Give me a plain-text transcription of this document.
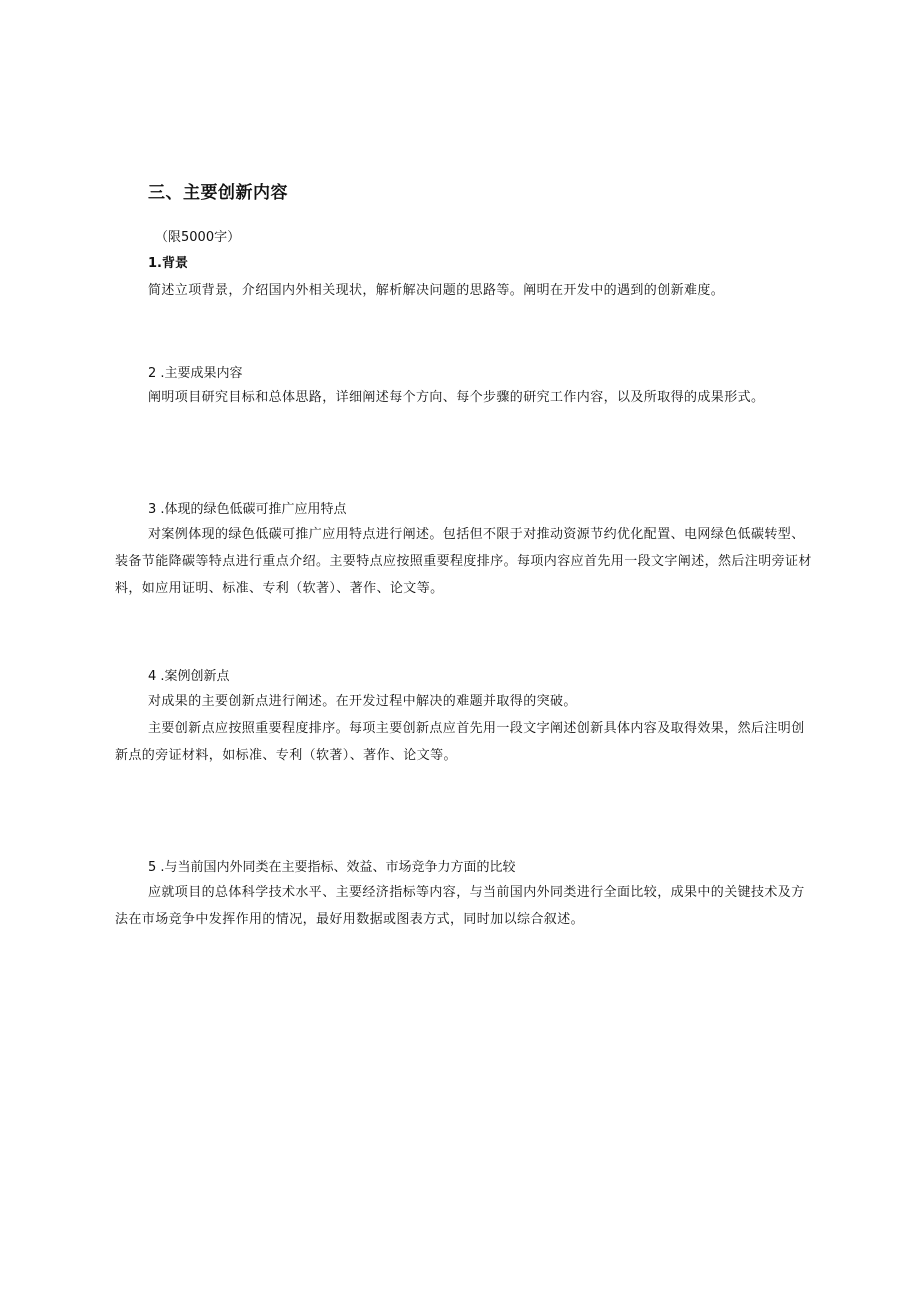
三、主要创新内容
（限5000字）
1.背景

简述立项背景，介绍国内外相关现状，解析解决问题的思路等。阐明在开发中的遇到的创新难度。

2 .主要成果内容

阐明项目研究目标和总体思路，详细阐述每个方向、每个步骤的研究工作内容，以及所取得的成果形式。

3 .体现的绿色低碳可推广应用特点

对案例体现的绿色低碳可推广应用特点进行阐述。包括但不限于对推动资源节约优化配置、电网绿色低碳转型、装备节能降碳等特点进行重点介绍。主要特点应按照重要程度排序。每项内容应首先用一段文字阐述，然后注明旁证材料，如应用证明、标准、专利（软著）、著作、论文等。

4 .案例创新点

对成果的主要创新点进行阐述。在开发过程中解决的难题并取得的突破。

主要创新点应按照重要程度排序。每项主要创新点应首先用一段文字阐述创新具体内容及取得效果，然后注明创新点的旁证材料，如标准、专利（软著）、著作、论文等。

5 .与当前国内外同类在主要指标、效益、市场竞争力方面的比较

应就项目的总体科学技术水平、主要经济指标等内容，与当前国内外同类进行全面比较，成果中的关键技术及方法在市场竞争中发挥作用的情况，最好用数据或图表方式，同时加以综合叙述。
